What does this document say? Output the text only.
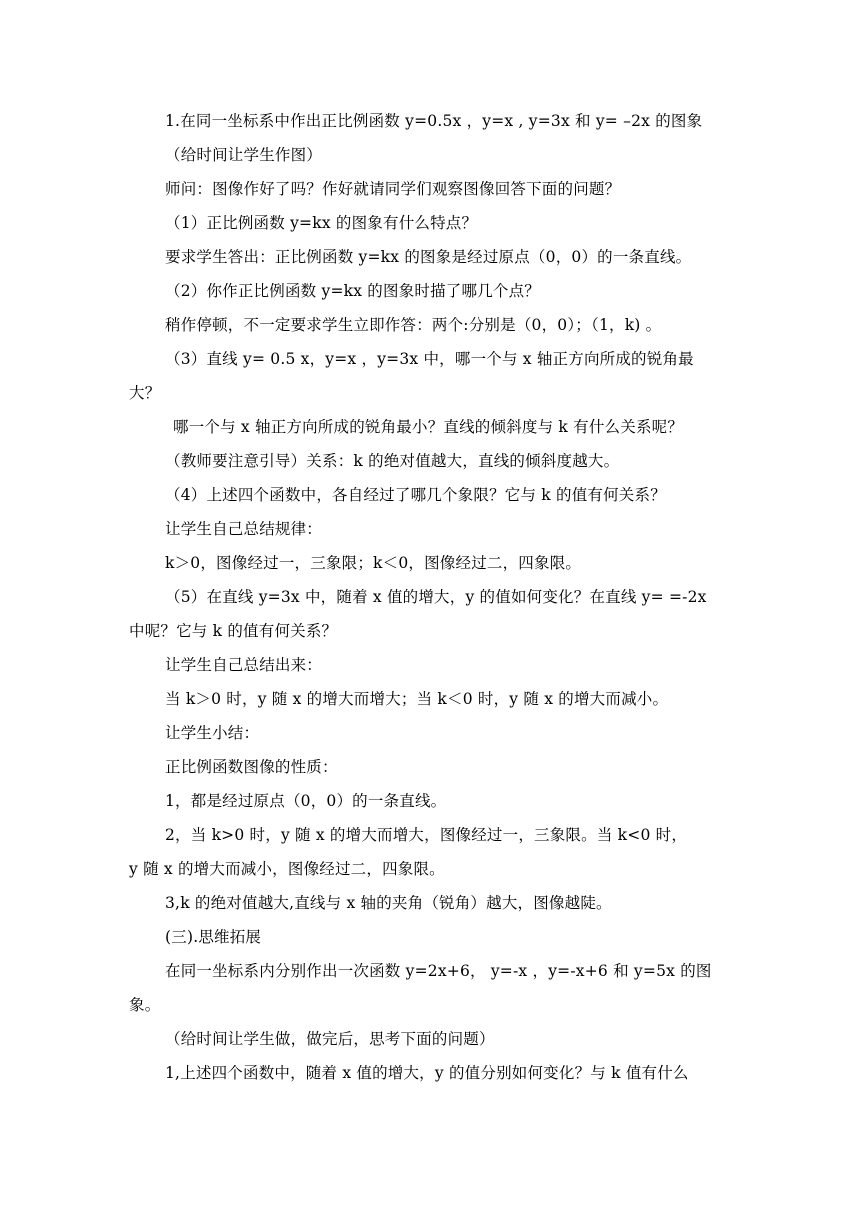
1.在同一坐标系中作出正比例函数 y=0.5x ，y=x , y=3x 和 y= –2x 的图象
（给时间让学生作图）
师问：图像作好了吗？作好就请同学们观察图像回答下面的问题？
（1）正比例函数 y=kx 的图象有什么特点？
要求学生答出：正比例函数 y=kx 的图象是经过原点（0，0）的一条直线。
（2）你作正比例函数 y=kx 的图象时描了哪几个点？
稍作停顿，不一定要求学生立即作答：两个:分别是（0，0）；（1，k) 。
（3）直线 y= 0.5 x，y=x ，y=3x 中，哪一个与 x 轴正方向所成的锐角最
大？
哪一个与 x 轴正方向所成的锐角最小？直线的倾斜度与 k 有什么关系呢？
（教师要注意引导）关系：k 的绝对值越大，直线的倾斜度越大。
（4）上述四个函数中，各自经过了哪几个象限？它与 k 的值有何关系？
让学生自己总结规律：
k＞0，图像经过一，三象限；k＜0，图像经过二，四象限。
（5）在直线 y=3x 中，随着 x 值的增大，y 的值如何变化？在直线 y= =-2x
中呢？它与 k 的值有何关系？
让学生自己总结出来：
当 k＞0 时，y 随 x 的增大而增大；当 k＜0 时，y 随 x 的增大而减小。
让学生小结：
正比例函数图像的性质：
1，都是经过原点（0，0）的一条直线。
2，当 k>0 时，y 随 x 的增大而增大，图像经过一，三象限。当 k<0 时，
y 随 x 的增大而减小，图像经过二，四象限。
3,k 的绝对值越大,直线与 x 轴的夹角（锐角）越大，图像越陡。
(三).思维拓展
在同一坐标系内分别作出一次函数 y=2x+6， y=-x ，y=-x+6 和 y=5x 的图
象。
（给时间让学生做，做完后，思考下面的问题）
1,上述四个函数中，随着 x 值的增大，y 的值分别如何变化？与 k 值有什么
